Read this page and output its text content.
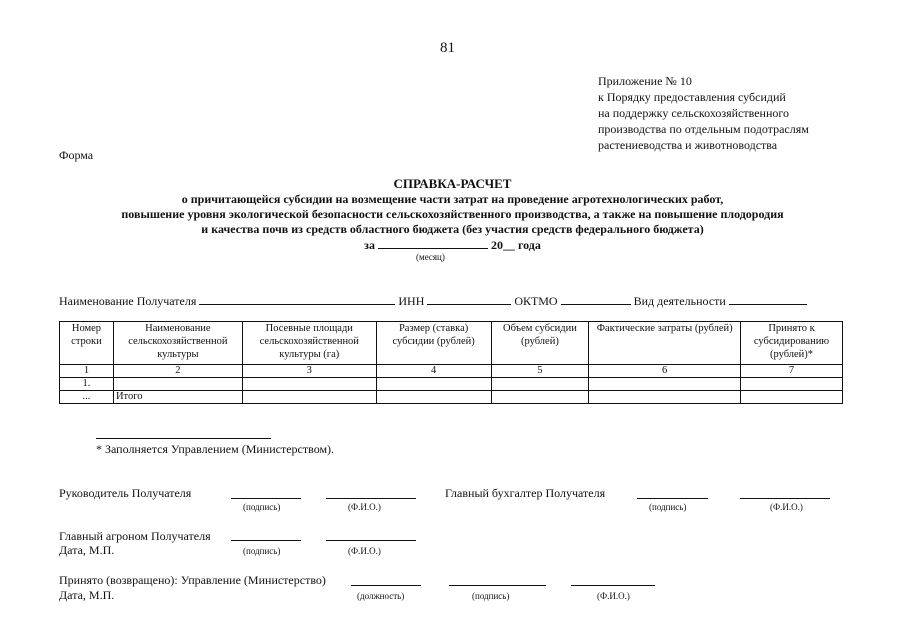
81
Приложение № 10
к Порядку предоставления субсидий
на поддержку сельскохозяйственного
производства по отдельным подотраслям
растениеводства и животноводства
Форма
СПРАВКА-РАСЧЕТ
о причитающейся субсидии на возмещение части затрат на проведение агротехнологических работ,
повышение уровня экологической безопасности сельскохозяйственного производства, а также на повышение плодородия
и качества почв из средств областного бюджета (без участия средств федерального бюджета)
за	20__ года
(месяц)
Наименование Получателя	ИНН	ОКТМО	Вид деятельности
Номер строки	Наименование сельскохозяйственной культуры	Посевные площади сельскохозяйственной культуры (га)	Размер (ставка) субсидии (рублей)	Объем субсидии (рублей)	Фактические затраты (рублей)	Принято к субсидированию (рублей)*
1	2	3	4	5	6	7
1.						
...	Итого					
* Заполняется Управлением (Министерством).
Руководитель Получателя
(подпись)	(Ф.И.О.)
Главный бухгалтер Получателя
(подпись)	(Ф.И.О.)
Главный агроном Получателя
Дата, М.П.	(подпись)	(Ф.И.О.)
Принято (возвращено): Управление (Министерство)
Дата, М.П.	(должность)	(подпись)	(Ф.И.О.)
